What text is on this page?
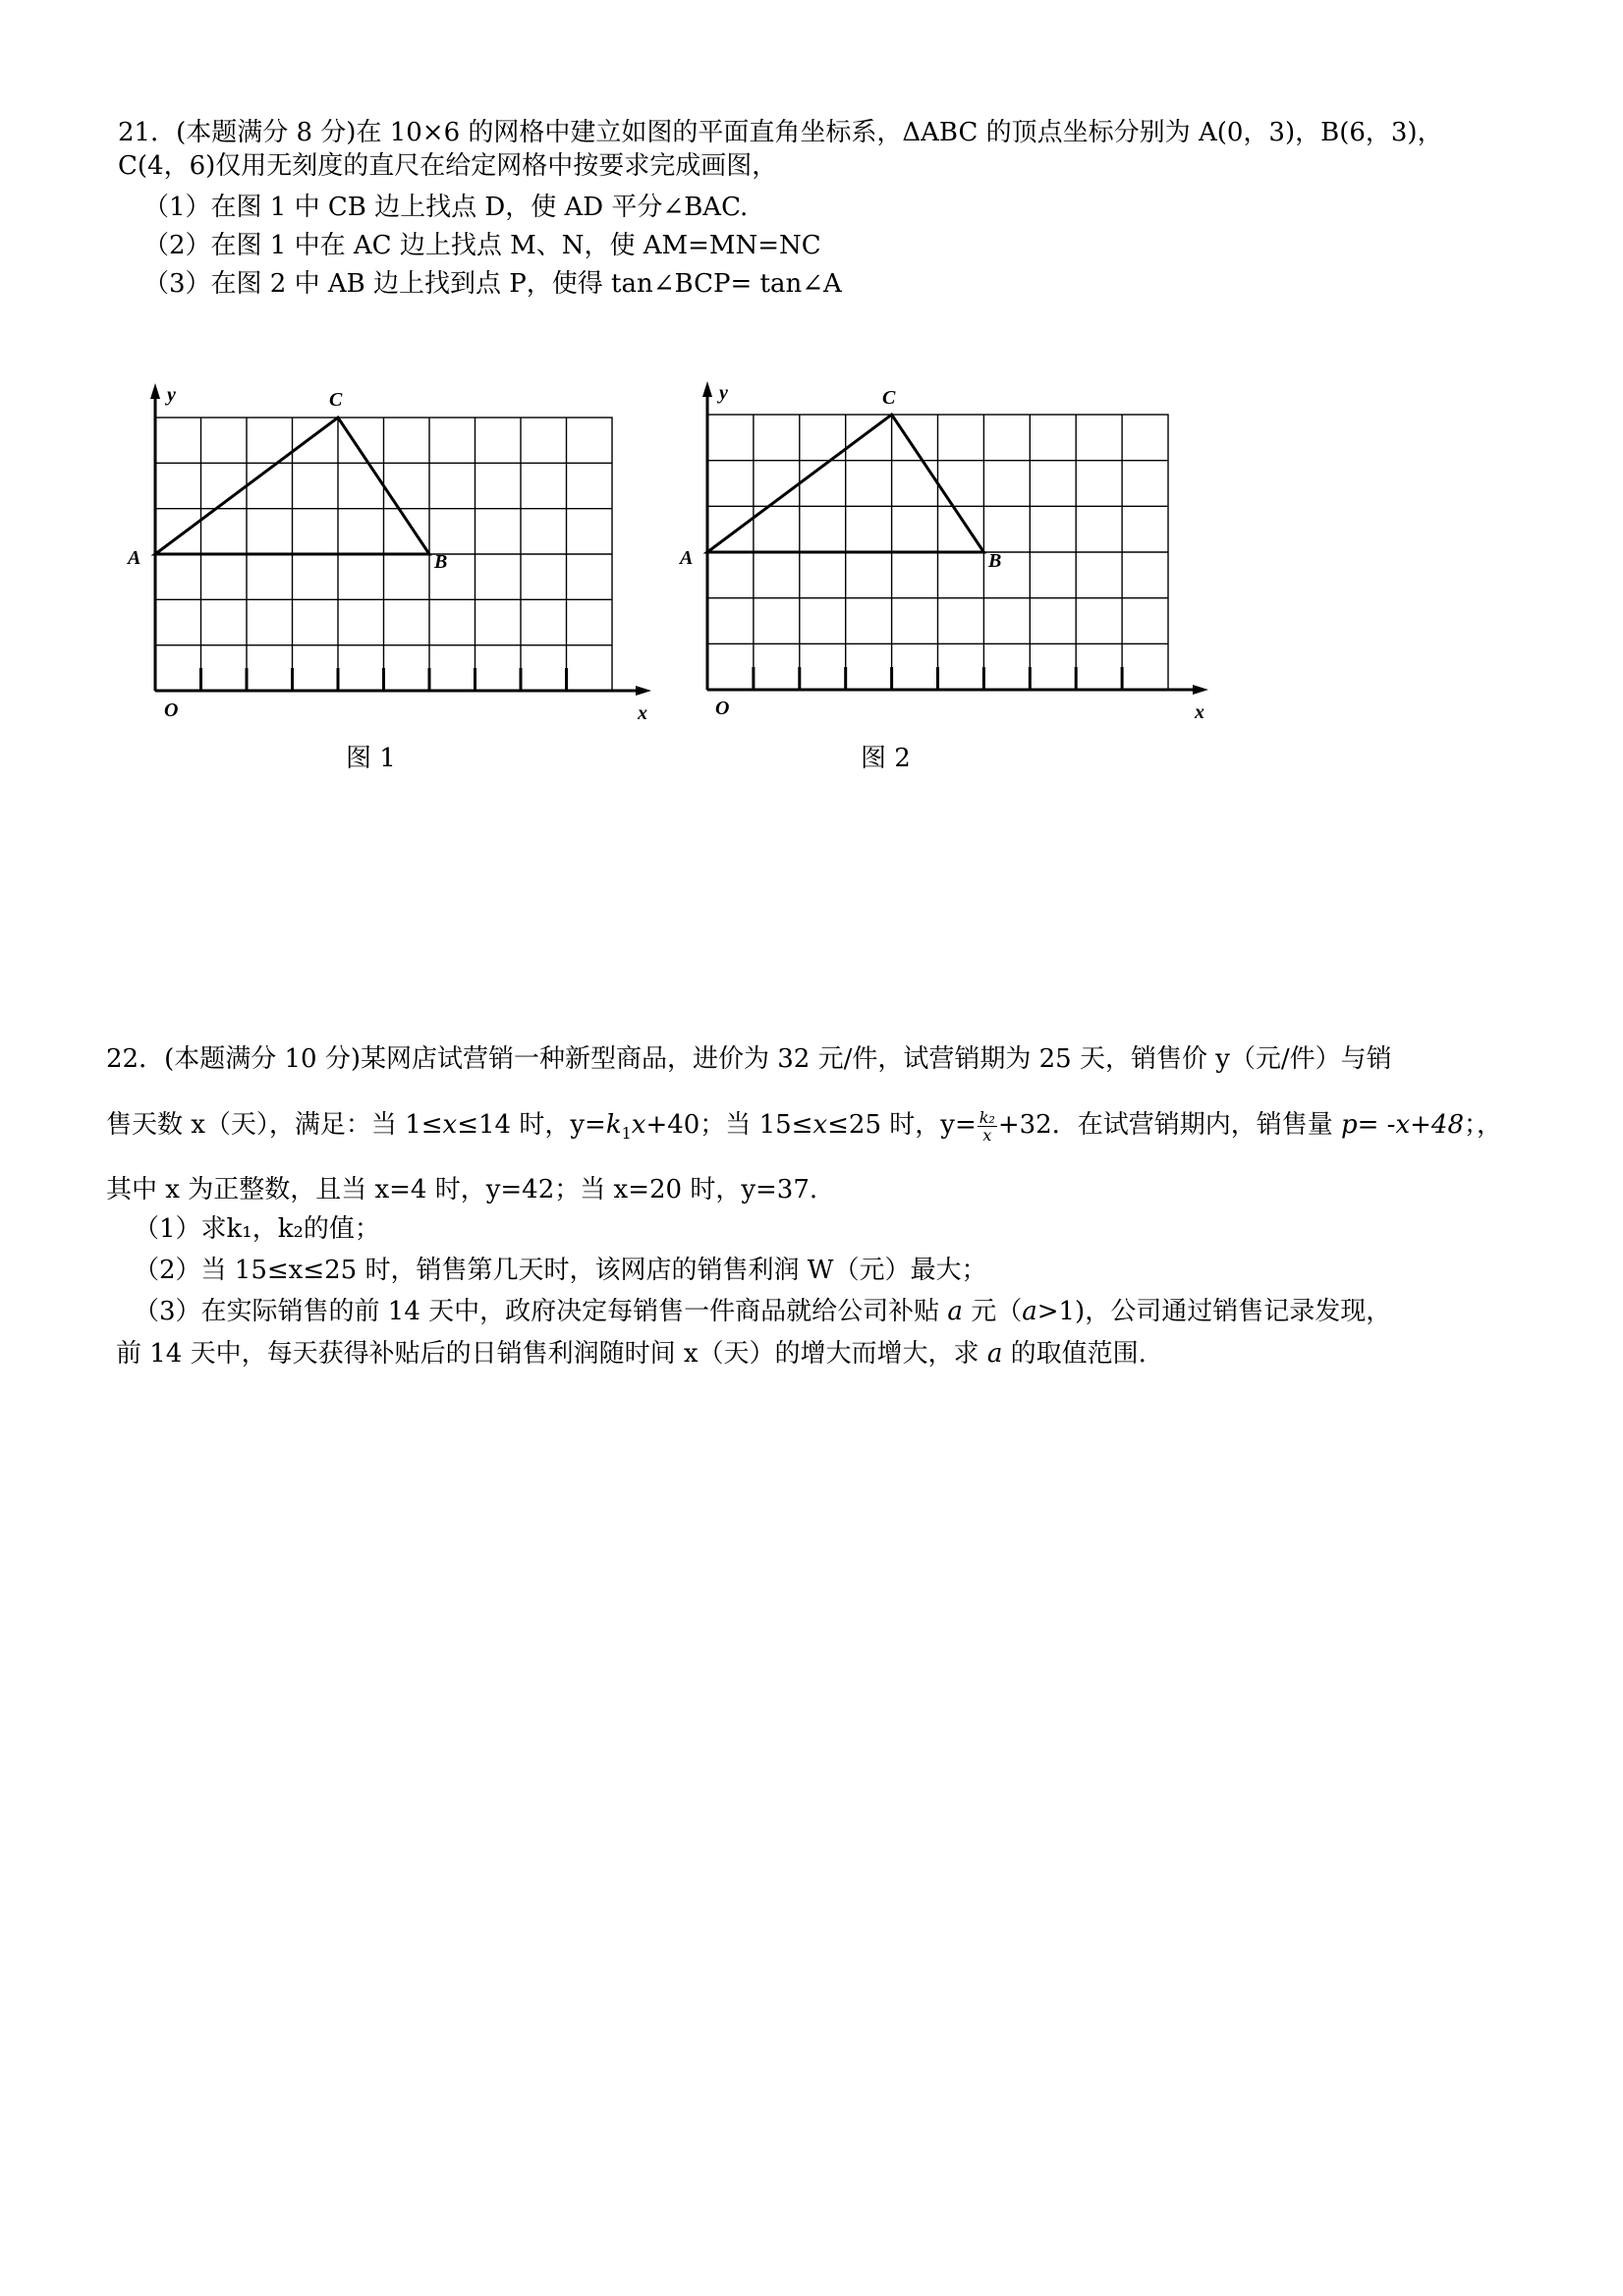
21．(本题满分 8 分)在 10×6 的网格中建立如图的平面直角坐标系，ΔABC 的顶点坐标分别为 A(0，3)，B(6，3)，
C(4，6)仅用无刻度的直尺在给定网格中按要求完成画图，
（1）在图 1 中 CB 边上找点 D，使 AD 平分∠BAC.
（2）在图 1 中在 AC 边上找点 M、N，使 AM=MN=NC
（3）在图 2 中 AB 边上找到点 P，使得 tan∠BCP= tan∠A
y
x
O
A	B
C
图 1
y
x
O
A	B
C
图 2
22．(本题满分 10 分)某网店试营销一种新型商品，进价为 32 元/件，试营销期为 25 天，销售价 y（元/件）与销
售天数 x（天），满足：当 1≤x≤14 时，$y=k_1x+40$；当 15≤x≤25 时，$y= \frac{\text{k₂}}{x} +32$．在试营销期内，销售量 p= -x+48；，
其中 x 为正整数，且当 x=4 时，y=42；当 x=20 时，y=37.
（1）求k₁，k₂的值；
（2）当 15≤x≤25 时，销售第几天时，该网店的销售利润 W（元）最大；
（3）在实际销售的前 14 天中，政府决定每销售一件商品就给公司补贴 a 元（a>1)，公司通过销售记录发现，
前 14 天中，每天获得补贴后的日销售利润随时间 x（天）的增大而增大，求 a 的取值范围.
